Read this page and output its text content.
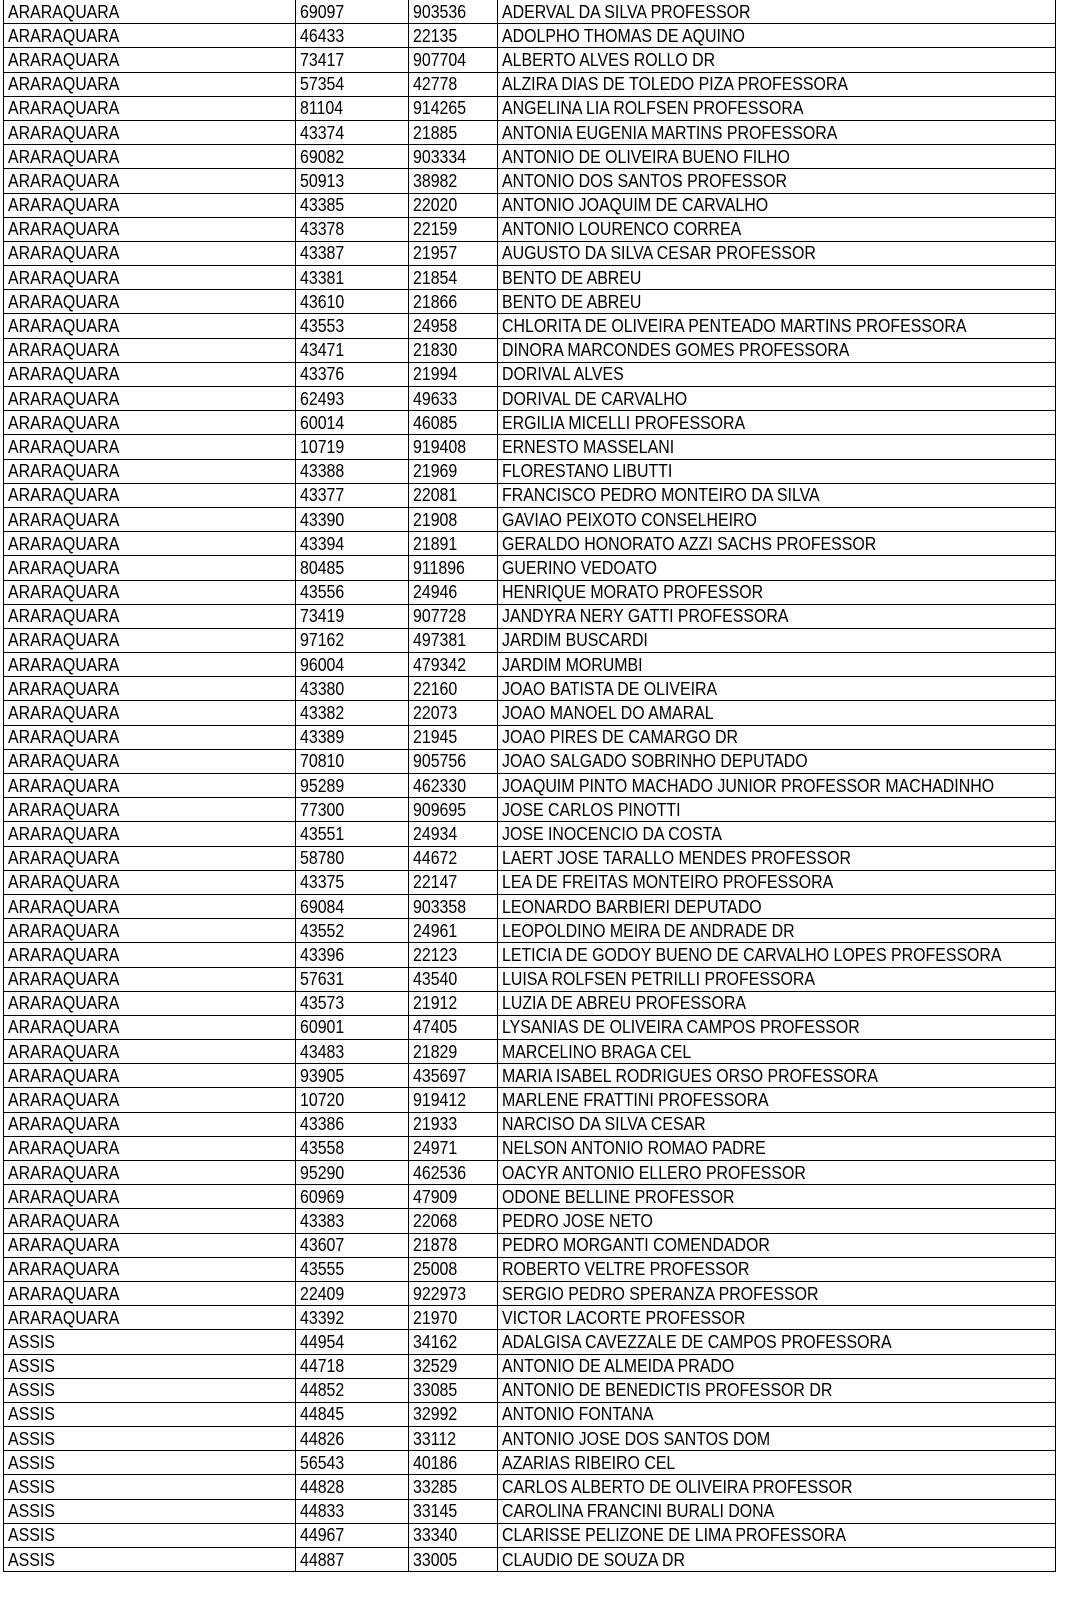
ARARAQUARA	69097	903536	ADERVAL DA SILVA PROFESSOR
ARARAQUARA	46433	22135	ADOLPHO THOMAS DE AQUINO
ARARAQUARA	73417	907704	ALBERTO ALVES ROLLO DR
ARARAQUARA	57354	42778	ALZIRA DIAS DE TOLEDO PIZA PROFESSORA
ARARAQUARA	81104	914265	ANGELINA LIA ROLFSEN PROFESSORA
ARARAQUARA	43374	21885	ANTONIA EUGENIA MARTINS PROFESSORA
ARARAQUARA	69082	903334	ANTONIO DE OLIVEIRA BUENO FILHO
ARARAQUARA	50913	38982	ANTONIO DOS SANTOS PROFESSOR
ARARAQUARA	43385	22020	ANTONIO JOAQUIM DE CARVALHO
ARARAQUARA	43378	22159	ANTONIO LOURENCO CORREA
ARARAQUARA	43387	21957	AUGUSTO DA SILVA CESAR PROFESSOR
ARARAQUARA	43381	21854	BENTO DE ABREU
ARARAQUARA	43610	21866	BENTO DE ABREU
ARARAQUARA	43553	24958	CHLORITA DE OLIVEIRA PENTEADO MARTINS PROFESSORA
ARARAQUARA	43471	21830	DINORA MARCONDES GOMES PROFESSORA
ARARAQUARA	43376	21994	DORIVAL ALVES
ARARAQUARA	62493	49633	DORIVAL DE CARVALHO
ARARAQUARA	60014	46085	ERGILIA MICELLI PROFESSORA
ARARAQUARA	10719	919408	ERNESTO MASSELANI
ARARAQUARA	43388	21969	FLORESTANO LIBUTTI
ARARAQUARA	43377	22081	FRANCISCO PEDRO MONTEIRO DA SILVA
ARARAQUARA	43390	21908	GAVIAO PEIXOTO CONSELHEIRO
ARARAQUARA	43394	21891	GERALDO HONORATO AZZI SACHS PROFESSOR
ARARAQUARA	80485	911896	GUERINO VEDOATO
ARARAQUARA	43556	24946	HENRIQUE MORATO PROFESSOR
ARARAQUARA	73419	907728	JANDYRA NERY GATTI PROFESSORA
ARARAQUARA	97162	497381	JARDIM BUSCARDI
ARARAQUARA	96004	479342	JARDIM MORUMBI
ARARAQUARA	43380	22160	JOAO BATISTA DE OLIVEIRA
ARARAQUARA	43382	22073	JOAO MANOEL DO AMARAL
ARARAQUARA	43389	21945	JOAO PIRES DE CAMARGO DR
ARARAQUARA	70810	905756	JOAO SALGADO SOBRINHO DEPUTADO
ARARAQUARA	95289	462330	JOAQUIM PINTO MACHADO JUNIOR PROFESSOR MACHADINHO
ARARAQUARA	77300	909695	JOSE CARLOS PINOTTI
ARARAQUARA	43551	24934	JOSE INOCENCIO DA COSTA
ARARAQUARA	58780	44672	LAERT JOSE TARALLO MENDES PROFESSOR
ARARAQUARA	43375	22147	LEA DE FREITAS MONTEIRO PROFESSORA
ARARAQUARA	69084	903358	LEONARDO BARBIERI DEPUTADO
ARARAQUARA	43552	24961	LEOPOLDINO MEIRA DE ANDRADE DR
ARARAQUARA	43396	22123	LETICIA DE GODOY BUENO DE CARVALHO LOPES PROFESSORA
ARARAQUARA	57631	43540	LUISA ROLFSEN PETRILLI PROFESSORA
ARARAQUARA	43573	21912	LUZIA DE ABREU PROFESSORA
ARARAQUARA	60901	47405	LYSANIAS DE OLIVEIRA CAMPOS PROFESSOR
ARARAQUARA	43483	21829	MARCELINO BRAGA CEL
ARARAQUARA	93905	435697	MARIA ISABEL RODRIGUES ORSO PROFESSORA
ARARAQUARA	10720	919412	MARLENE FRATTINI PROFESSORA
ARARAQUARA	43386	21933	NARCISO DA SILVA CESAR
ARARAQUARA	43558	24971	NELSON ANTONIO ROMAO PADRE
ARARAQUARA	95290	462536	OACYR ANTONIO ELLERO PROFESSOR
ARARAQUARA	60969	47909	ODONE BELLINE PROFESSOR
ARARAQUARA	43383	22068	PEDRO JOSE NETO
ARARAQUARA	43607	21878	PEDRO MORGANTI COMENDADOR
ARARAQUARA	43555	25008	ROBERTO VELTRE PROFESSOR
ARARAQUARA	22409	922973	SERGIO PEDRO SPERANZA PROFESSOR
ARARAQUARA	43392	21970	VICTOR LACORTE PROFESSOR
ASSIS	44954	34162	ADALGISA CAVEZZALE DE CAMPOS PROFESSORA
ASSIS	44718	32529	ANTONIO DE ALMEIDA PRADO
ASSIS	44852	33085	ANTONIO DE BENEDICTIS PROFESSOR DR
ASSIS	44845	32992	ANTONIO FONTANA
ASSIS	44826	33112	ANTONIO JOSE DOS SANTOS DOM
ASSIS	56543	40186	AZARIAS RIBEIRO CEL
ASSIS	44828	33285	CARLOS ALBERTO DE OLIVEIRA PROFESSOR
ASSIS	44833	33145	CAROLINA FRANCINI BURALI DONA
ASSIS	44967	33340	CLARISSE PELIZONE DE LIMA PROFESSORA
ASSIS	44887	33005	CLAUDIO DE SOUZA DR
